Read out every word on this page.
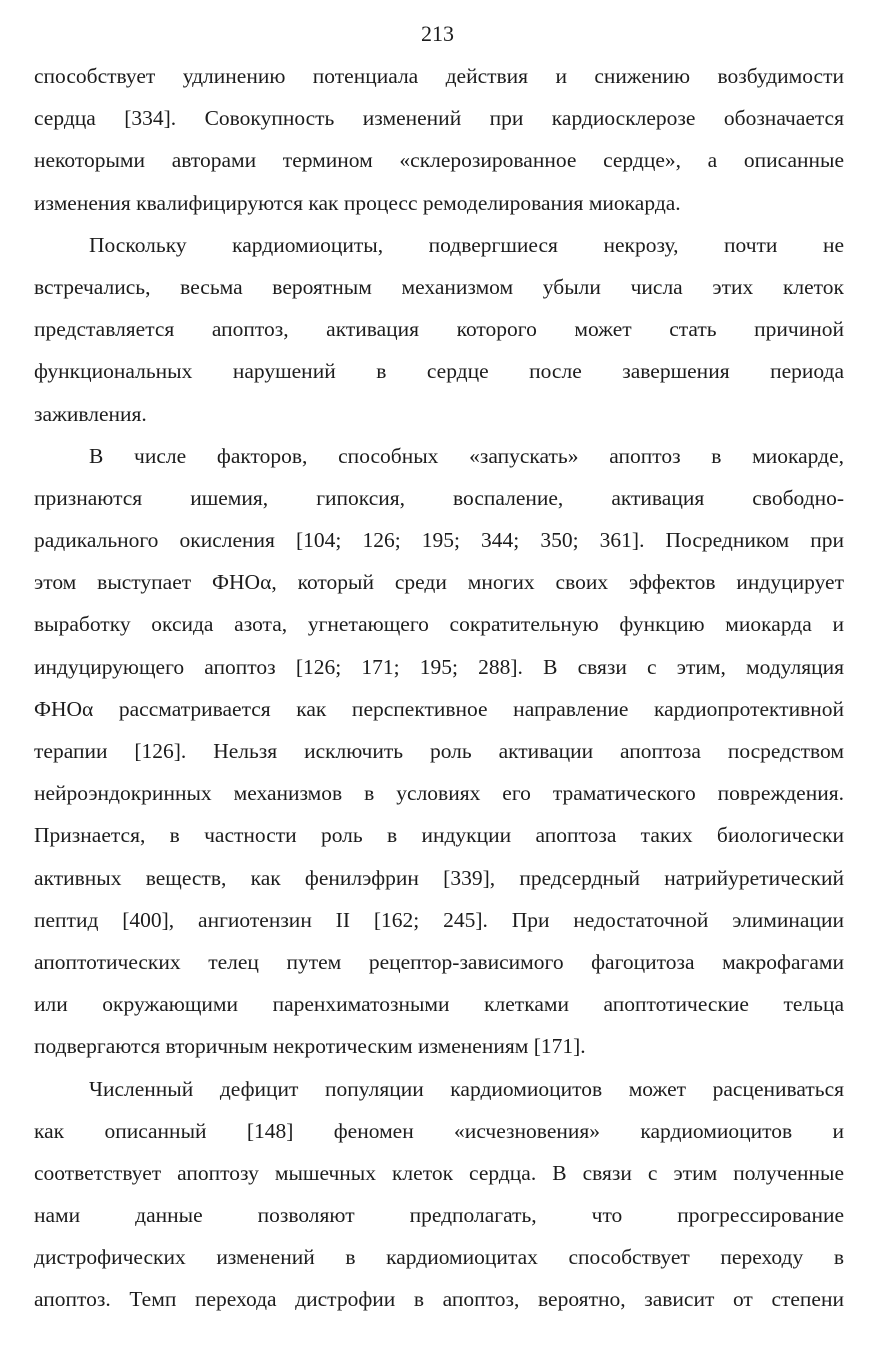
213
способствует удлинению потенциала действия и снижению возбудимости
сердца [334]. Совокупность изменений при кардиосклерозе обозначается
некоторыми авторами термином «склерозированное сердце», а описанные
изменения квалифицируются как процесс ремоделирования миокарда.
Поскольку кардиомиоциты, подвергшиеся некрозу, почти не
встречались, весьма вероятным механизмом убыли числа этих клеток
представляется апоптоз, активация которого может стать причиной
функциональных нарушений в сердце после завершения периода
заживления.
В числе факторов, способных «запускать» апоптоз в миокарде,
признаются ишемия, гипоксия, воспаление, активация свободно-
радикального окисления [104; 126; 195; 344; 350; 361]. Посредником при
этом выступает ФНОα, который среди многих своих эффектов индуцирует
выработку оксида азота, угнетающего сократительную функцию миокарда и
индуцирующего апоптоз [126; 171; 195; 288]. В связи с этим, модуляция
ФНОα рассматривается как перспективное направление кардиопротективной
терапии [126]. Нельзя исключить роль активации апоптоза посредством
нейроэндокринных механизмов в условиях его траматического повреждения.
Признается, в частности роль в индукции апоптоза таких биологически
активных веществ, как фенилэфрин [339], предсердный натрийуретический
пептид [400], ангиотензин II [162; 245]. При недостаточной элиминации
апоптотических телец путем рецептор-зависимого фагоцитоза макрофагами
или окружающими паренхиматозными клетками апоптотические тельца
подвергаются вторичным некротическим изменениям [171].
Численный дефицит популяции кардиомиоцитов может расцениваться
как описанный [148] феномен «исчезновения» кардиомиоцитов и
соответствует апоптозу мышечных клеток сердца. В связи с этим полученные
нами данные позволяют предполагать, что прогрессирование
дистрофических изменений в кардиомиоцитах способствует переходу в
апоптоз. Темп перехода дистрофии в апоптоз, вероятно, зависит от степени
